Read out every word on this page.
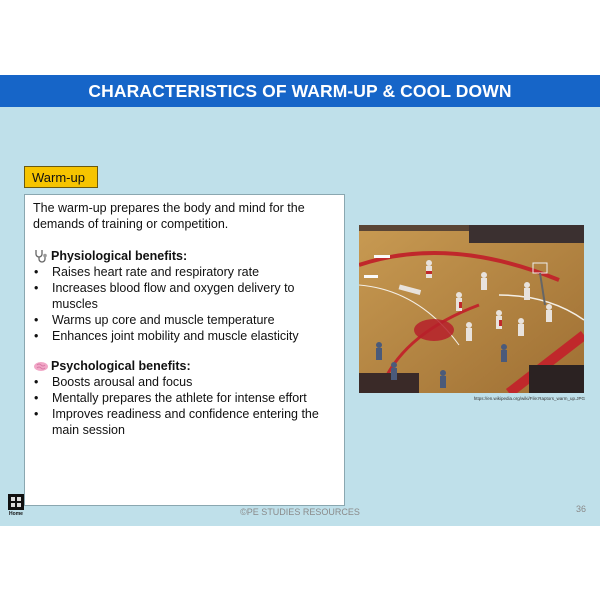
CHARACTERISTICS OF WARM-UP & COOL DOWN
Warm-up

The warm-up prepares the body and mind for the demands of training or competition.

Physiological benefits:
• Raises heart rate and respiratory rate
• Increases blood flow and oxygen delivery to muscles
• Warms up core and muscle temperature
• Enhances joint mobility and muscle elasticity
Psychological benefits:
• Boosts arousal and focus
• Mentally prepares the athlete for intense effort
• Improves readiness and confidence entering the main session
https://en.wikipedia.org/wiki/File:Raptors_warm_up.JPG
Home	©PE STUDIES RESOURCES	36
